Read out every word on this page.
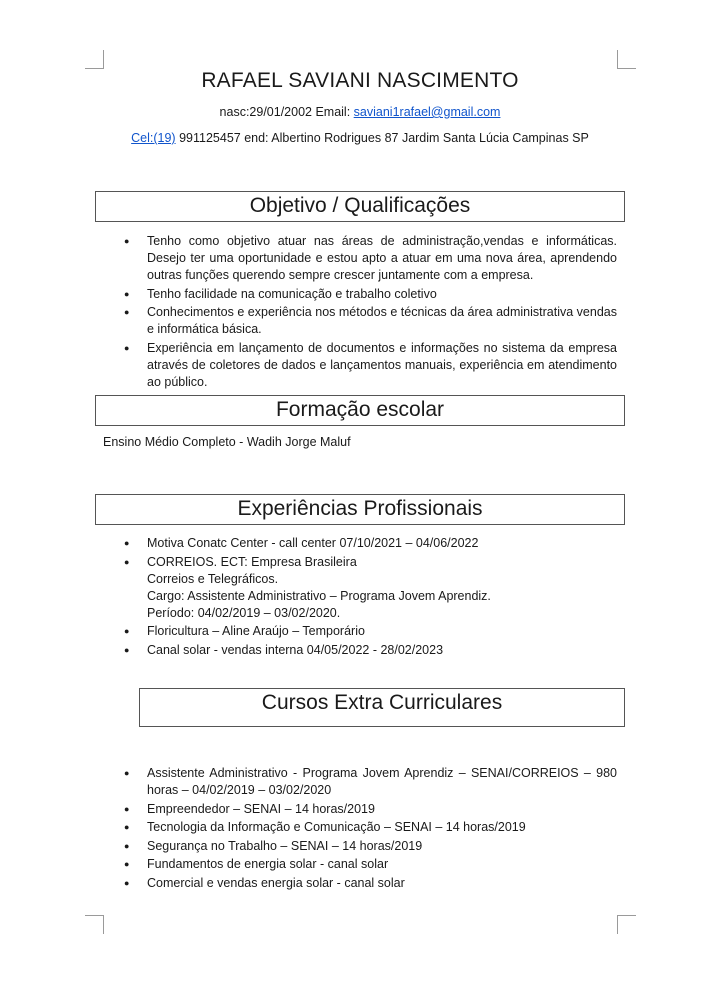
RAFAEL SAVIANI NASCIMENTO
nasc:29/01/2002 Email: saviani1rafael@gmail.com
Cel:(19) 991125457 end: Albertino Rodrigues 87 Jardim Santa Lúcia Campinas SP
Objetivo / Qualificações
● Tenho como objetivo atuar nas áreas de administração,vendas e informáticas. Desejo ter uma oportunidade e estou apto a atuar em uma nova área, aprendendo outras funções querendo sempre crescer juntamente com a empresa.
● Tenho facilidade na comunicação e trabalho coletivo
● Conhecimentos e experiência nos métodos e técnicas da área administrativa vendas e informática básica.
● Experiência em lançamento de documentos e informações no sistema da empresa através de coletores de dados e lançamentos manuais, experiência em atendimento ao público.
Formação escolar
Ensino Médio Completo - Wadih Jorge Maluf
Experiências Profissionais
● Motiva Conatc Center - call center 07/10/2021 – 04/06/2022
● CORREIOS. ECT: Empresa Brasileira
Correios e Telegráficos.
Cargo: Assistente Administrativo – Programa Jovem Aprendiz.
Período: 04/02/2019 – 03/02/2020.
● Floricultura – Aline Araújo – Temporário
● Canal solar - vendas interna 04/05/2022 - 28/02/2023
Cursos Extra Curriculares
● Assistente Administrativo - Programa Jovem Aprendiz – SENAI/CORREIOS – 980 horas – 04/02/2019 – 03/02/2020
● Empreendedor – SENAI – 14 horas/2019
● Tecnologia da Informação e Comunicação – SENAI – 14 horas/2019
● Segurança no Trabalho – SENAI – 14 horas/2019
● Fundamentos de energia solar - canal solar
● Comercial e vendas energia solar - canal solar
